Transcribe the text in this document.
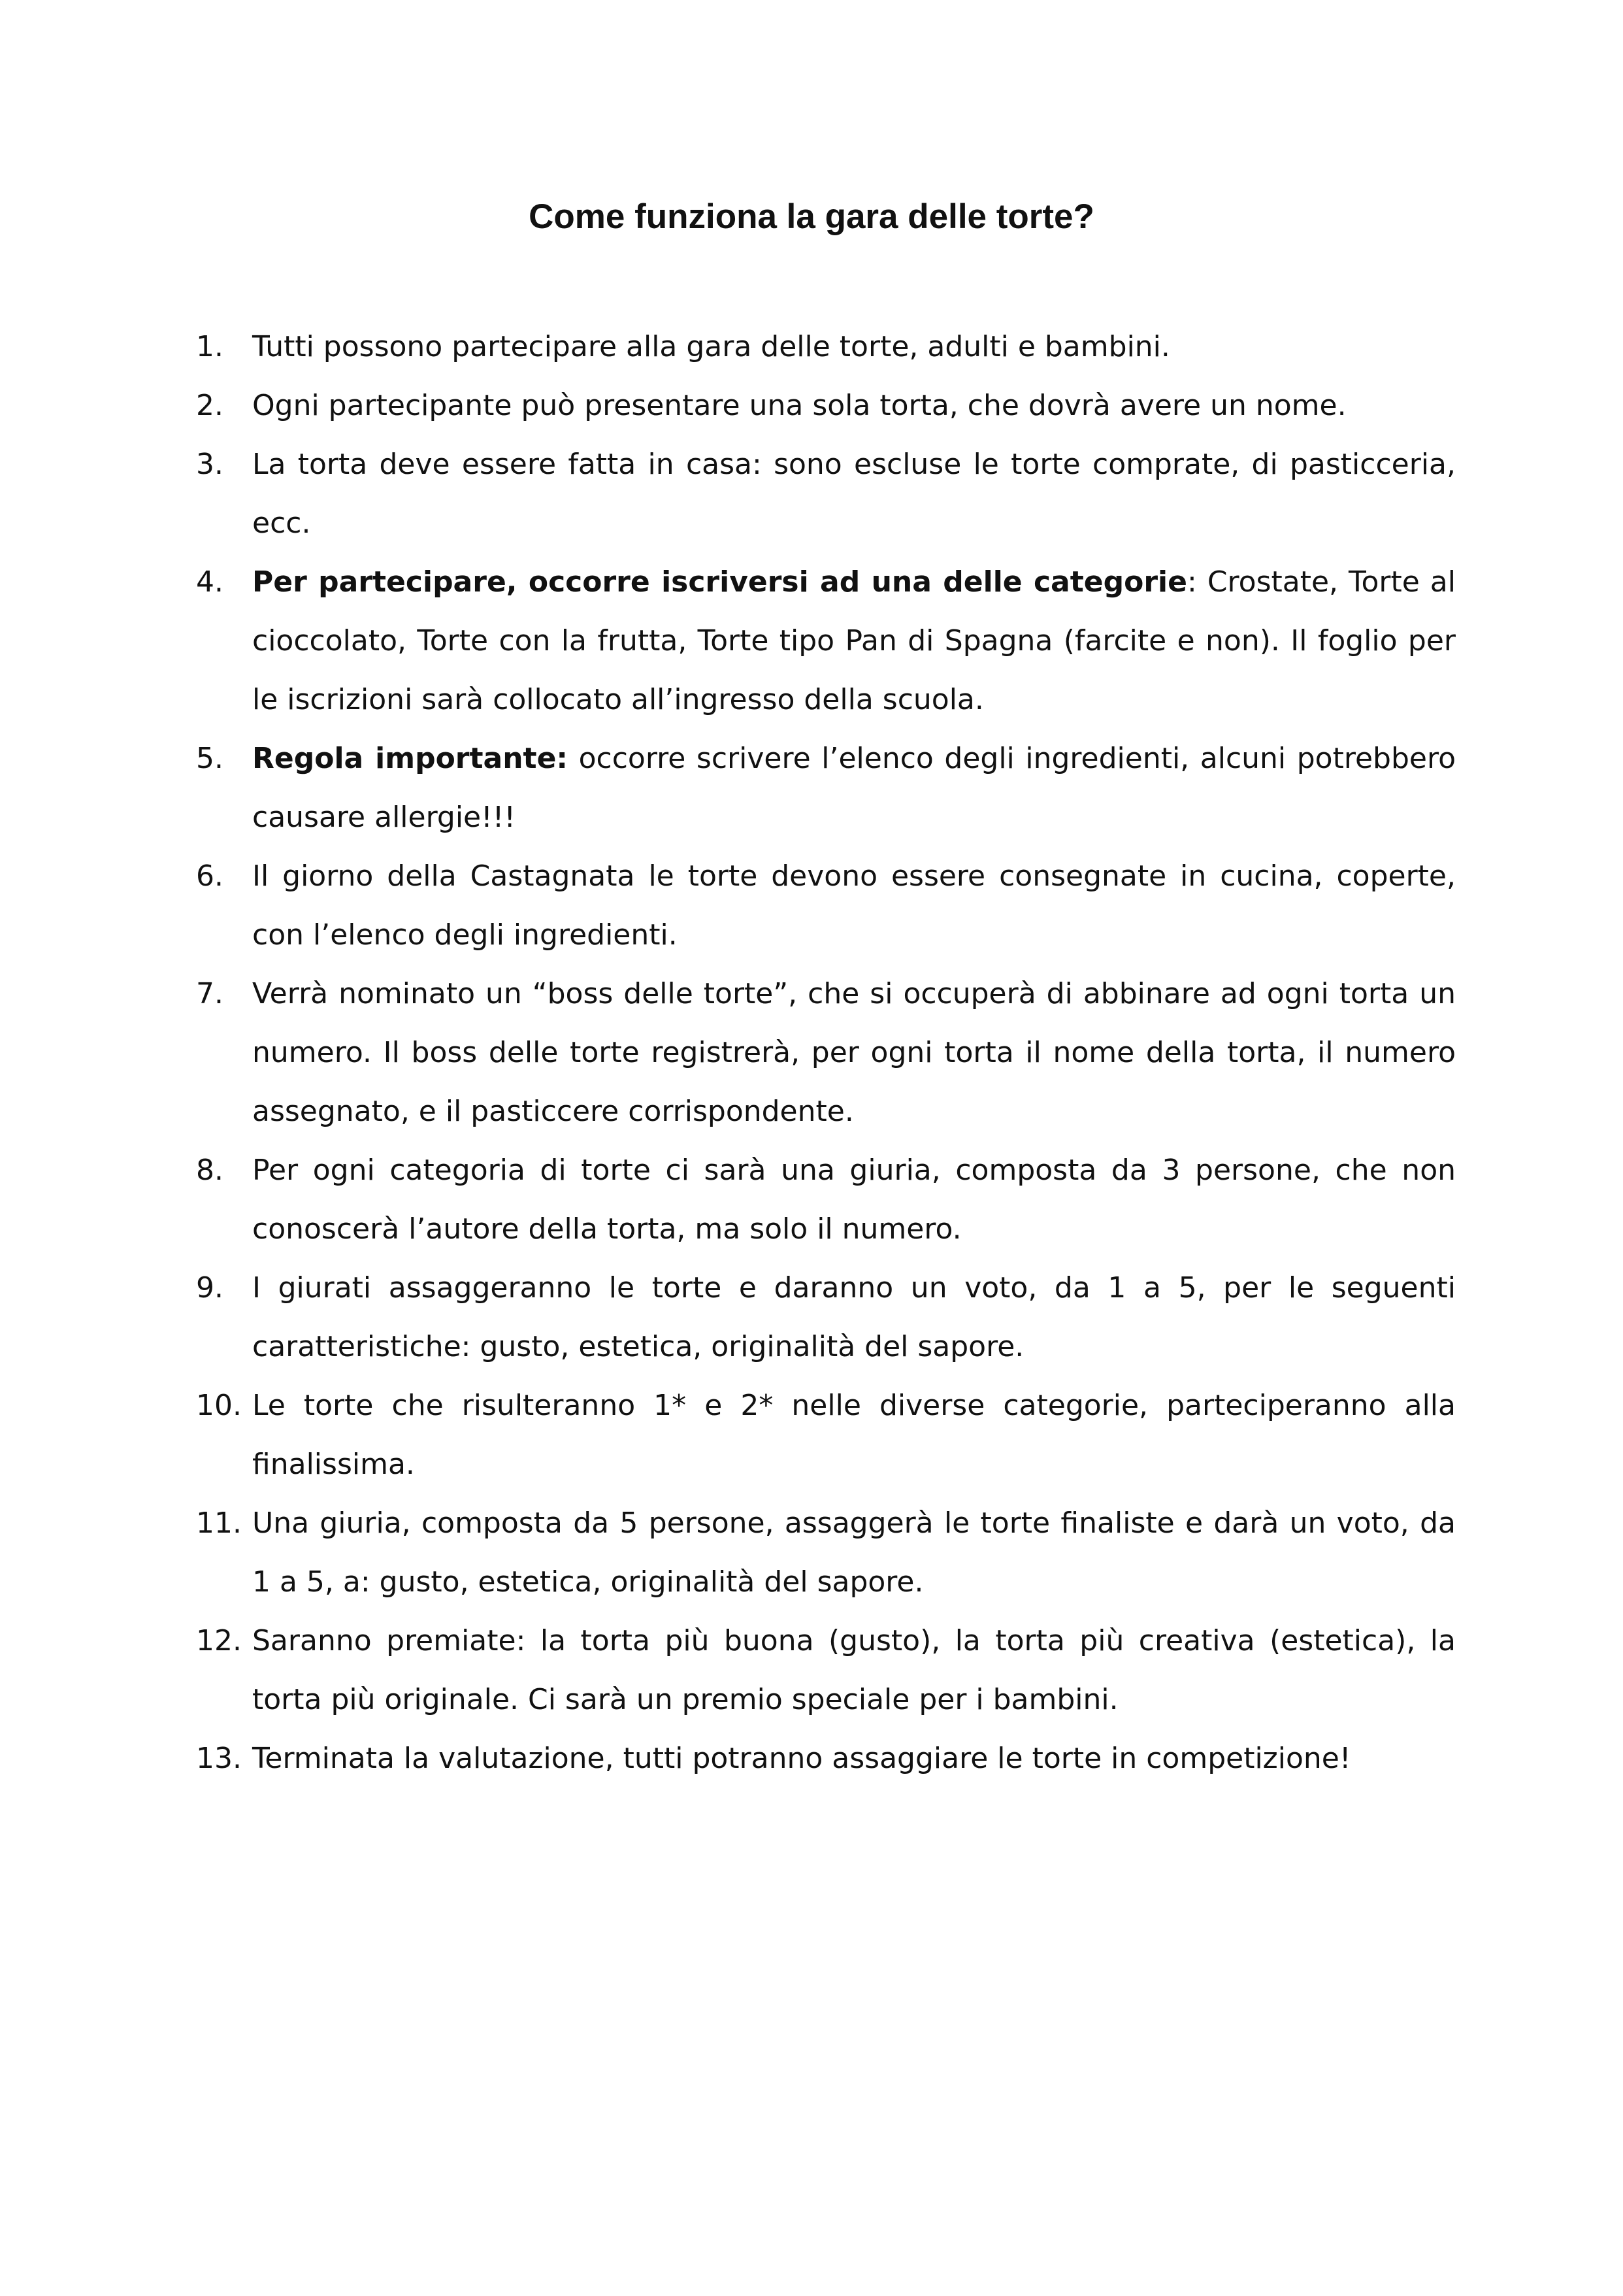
Come funziona la gara delle torte?
1.	Tutti possono partecipare alla gara delle torte, adulti e bambini.
2.	Ogni partecipante può presentare una sola torta, che dovrà avere un nome.
3.	La torta deve essere fatta in casa: sono escluse le torte comprate, di pasticceria, ecc.
4.	Per partecipare, occorre iscriversi ad una delle categorie: Crostate, Torte al cioccolato, Torte con la frutta, Torte tipo Pan di Spagna (farcite e non). Il foglio per le iscrizioni sarà collocato all’ingresso della scuola.
5.	Regola importante: occorre scrivere l’elenco degli ingredienti, alcuni potrebbero causare allergie!!!
6.	Il giorno della Castagnata le torte devono essere consegnate in cucina, coperte, con l’elenco degli ingredienti.
7.	Verrà nominato un “boss delle torte”, che si occuperà di abbinare ad ogni torta un numero. Il boss delle torte registrerà, per ogni torta il nome della torta, il numero assegnato, e il pasticcere corrispondente.
8.	Per ogni categoria di torte ci sarà una giuria, composta da 3 persone, che non conoscerà l’autore della torta, ma solo il numero.
9.	I giurati assaggeranno le torte e daranno un voto, da 1 a 5, per le seguenti caratteristiche: gusto, estetica, originalità del sapore.
10. Le torte che risulteranno 1* e 2* nelle diverse categorie, parteciperanno alla finalissima.
11. Una giuria, composta da 5 persone, assaggerà le torte finaliste e darà un voto, da 1 a 5, a: gusto, estetica, originalità del sapore.
12. Saranno premiate: la torta più buona (gusto), la torta più creativa (estetica), la torta più originale. Ci sarà un premio speciale per i bambini.
13. Terminata la valutazione, tutti potranno assaggiare le torte in competizione!
